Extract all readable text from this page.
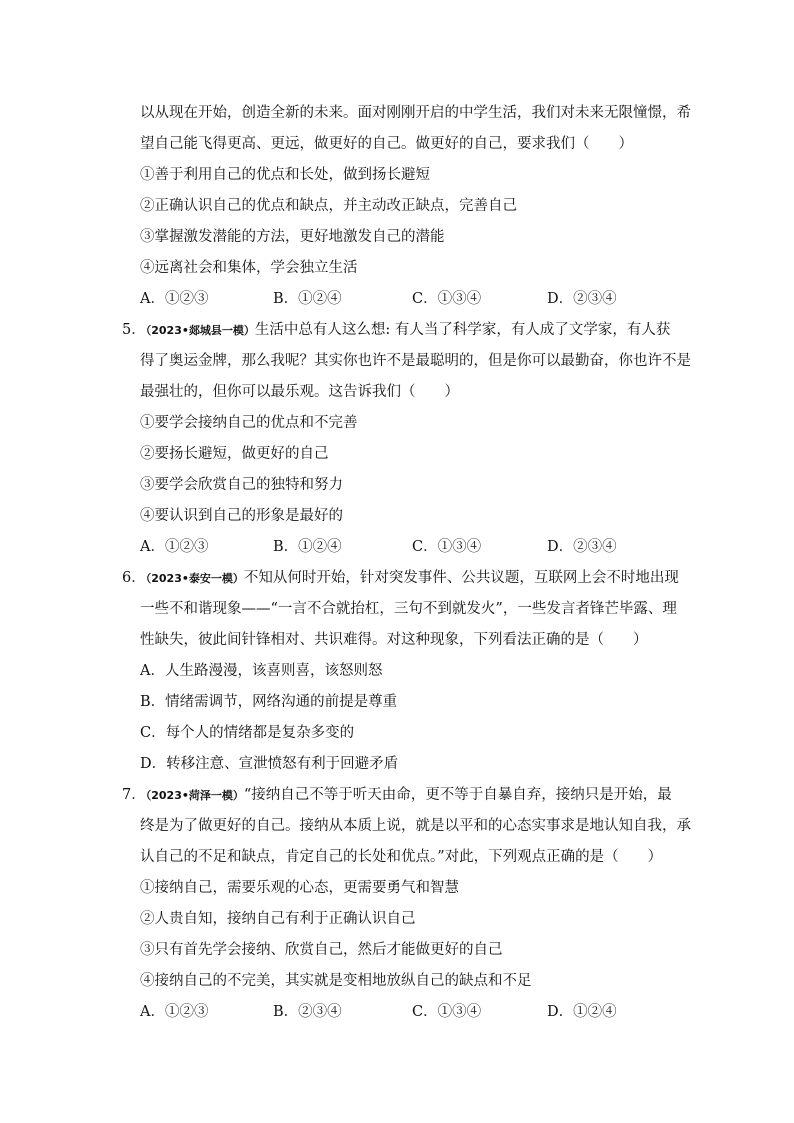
以从现在开始，创造全新的未来。面对刚刚开启的中学生活，我们对未来无限憧憬，希
望自己能飞得更高、更远，做更好的自己。做更好的自己，要求我们（　　）
①善于利用自己的优点和长处，做到扬长避短
②正确认识自己的优点和缺点，并主动改正缺点，完善自己
③掌握激发潜能的方法，更好地激发自己的潜能
④远离社会和集体，学会独立生活
A．①②③	B．①②④	C．①③④	D．②③④
5．（2023•郯城县一模）生活中总有人这么想: 有人当了科学家，有人成了文学家，有人获
得了奥运金牌，那么我呢？其实你也许不是最聪明的，但是你可以最勤奋，你也许不是
最强壮的，但你可以最乐观。这告诉我们（　　）
①要学会接纳自己的优点和不完善
②要扬长避短，做更好的自己
③要学会欣赏自己的独特和努力
④要认识到自己的形象是最好的
A．①②③	B．①②④	C．①③④	D．②③④
6．（2023•泰安一模）不知从何时开始，针对突发事件、公共议题，互联网上会不时地出现
一些不和谐现象——“一言不合就抬杠，三句不到就发火”，一些发言者锋芒毕露、理
性缺失，彼此间针锋相对、共识难得。对这种现象，下列看法正确的是（　　）
A．人生路漫漫，该喜则喜，该怒则怒
B．情绪需调节，网络沟通的前提是尊重
C．每个人的情绪都是复杂多变的
D．转移注意、宣泄愤怒有利于回避矛盾
7．（2023•菏泽一模）“接纳自己不等于听天由命，更不等于自暴自弃，接纳只是开始，最
终是为了做更好的自己。接纳从本质上说，就是以平和的心态实事求是地认知自我，承
认自己的不足和缺点，肯定自己的长处和优点。”对此，下列观点正确的是（　　）
①接纳自己，需要乐观的心态，更需要勇气和智慧
②人贵自知，接纳自己有利于正确认识自己
③只有首先学会接纳、欣赏自己，然后才能做更好的自己
④接纳自己的不完美，其实就是变相地放纵自己的缺点和不足
A．①②③	B．②③④	C．①③④	D．①②④
